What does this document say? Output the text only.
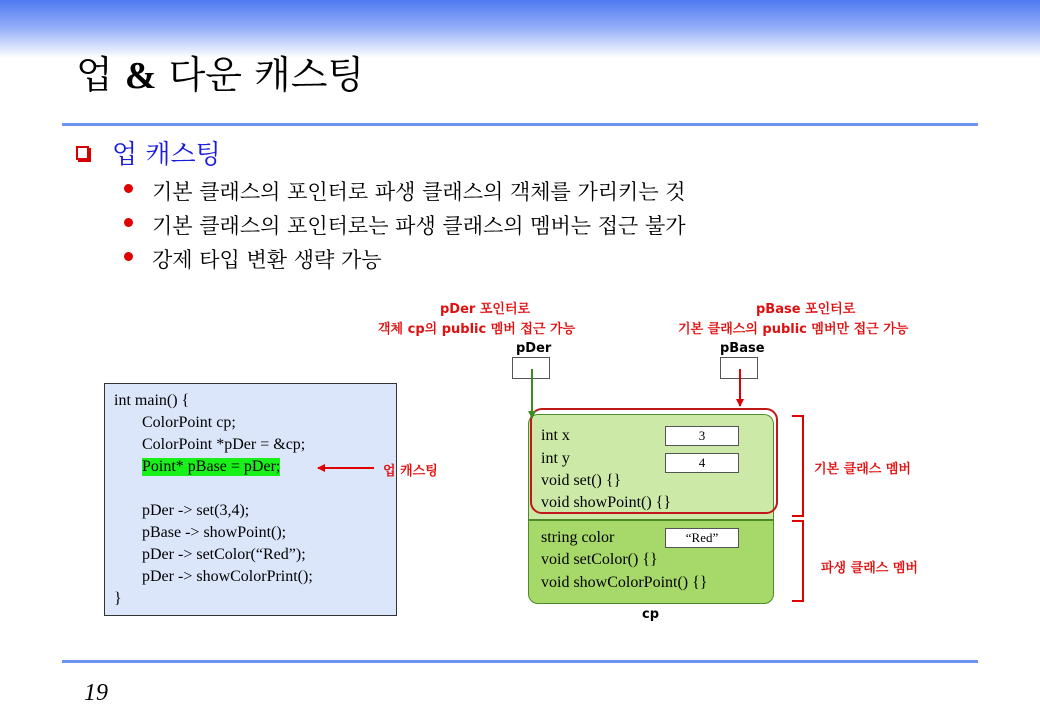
업 & 다운 캐스팅
업 캐스팅
기본 클래스의 포인터로 파생 클래스의 객체를 가리키는 것
기본 클래스의 포인터로는 파생 클래스의 멤버는 접근 불가
강제 타입 변환 생략 가능
pDer 포인터로
객체 cp의 public 멤버 접근 가능
pBase 포인터로
기본 클래스의 public 멤버만 접근 가능
pDer	pBase
int main() {
ColorPoint cp;
ColorPoint *pDer = &cp;
Point* pBase = pDer;
pDer -> set(3,4);
pBase -> showPoint();
pDer -> setColor(“Red”);
pDer -> showColorPrint();
}
업 캐스팅
int x
int y
void set() {}
void showPoint() {}
3
4
string color
void setColor() {}
void showColorPoint() {}
“Red”
cp
기본 클래스 멤버
파생 클래스 멤버
19
